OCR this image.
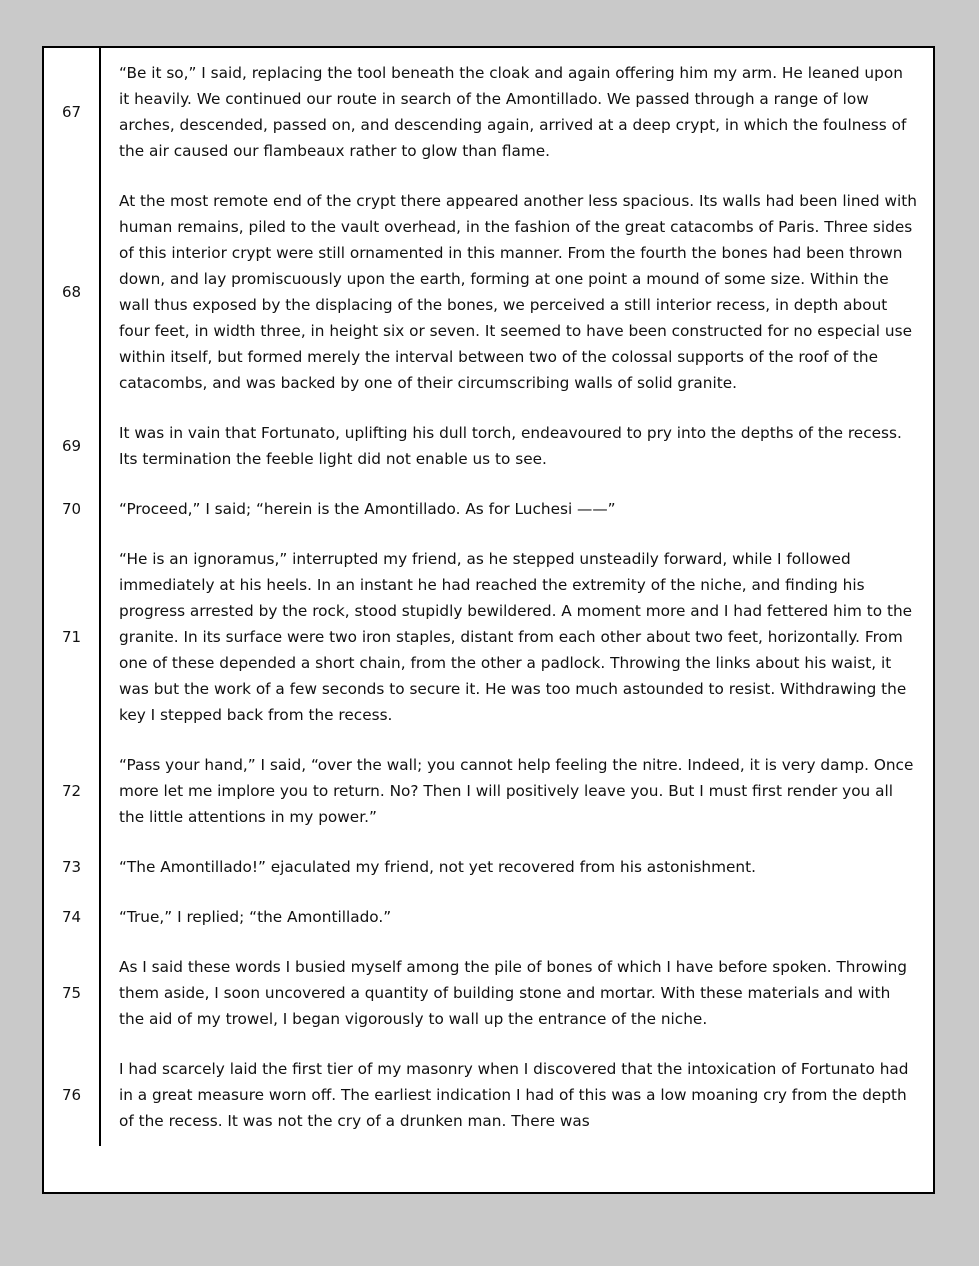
67	“Be it so,” I said, replacing the tool beneath the cloak and again offering him my arm. He leaned upon it heavily. We continued our route in search of the Amontillado. We passed through a range of low arches, descended, passed on, and descending again, arrived at a deep crypt, in which the foulness of the air caused our flambeaux rather to glow than flame.

68	At the most remote end of the crypt there appeared another less spacious. Its walls had been lined with human remains, piled to the vault overhead, in the fashion of the great catacombs of Paris. Three sides of this interior crypt were still ornamented in this manner. From the fourth the bones had been thrown down, and lay promiscuously upon the earth, forming at one point a mound of some size. Within the wall thus exposed by the displacing of the bones, we perceived a still interior recess, in depth about four feet, in width three, in height six or seven. It seemed to have been constructed for no especial use within itself, but formed merely the interval between two of the colossal supports of the roof of the catacombs, and was backed by one of their circumscribing walls of solid granite.

69	It was in vain that Fortunato, uplifting his dull torch, endeavoured to pry into the depths of the recess. Its termination the feeble light did not enable us to see.

70	“Proceed,” I said; “herein is the Amontillado. As for Luchesi ——”

71	“He is an ignoramus,” interrupted my friend, as he stepped unsteadily forward, while I followed immediately at his heels. In an instant he had reached the extremity of the niche, and finding his progress arrested by the rock, stood stupidly bewildered. A moment more and I had fettered him to the granite. In its surface were two iron staples, distant from each other about two feet, horizontally. From one of these depended a short chain, from the other a padlock. Throwing the links about his waist, it was but the work of a few seconds to secure it. He was too much astounded to resist. Withdrawing the key I stepped back from the recess.

72	“Pass your hand,” I said, “over the wall; you cannot help feeling the nitre. Indeed, it is very damp. Once more let me implore you to return. No? Then I will positively leave you. But I must first render you all the little attentions in my power.”

73	“The Amontillado!” ejaculated my friend, not yet recovered from his astonishment.

74	“True,” I replied; “the Amontillado.”

75	As I said these words I busied myself among the pile of bones of which I have before spoken. Throwing them aside, I soon uncovered a quantity of building stone and mortar. With these materials and with the aid of my trowel, I began vigorously to wall up the entrance of the niche.

76	I had scarcely laid the first tier of my masonry when I discovered that the intoxication of Fortunato had in a great measure worn off. The earliest indication I had of this was a low moaning cry from the depth of the recess. It was not the cry of a drunken man. There was
